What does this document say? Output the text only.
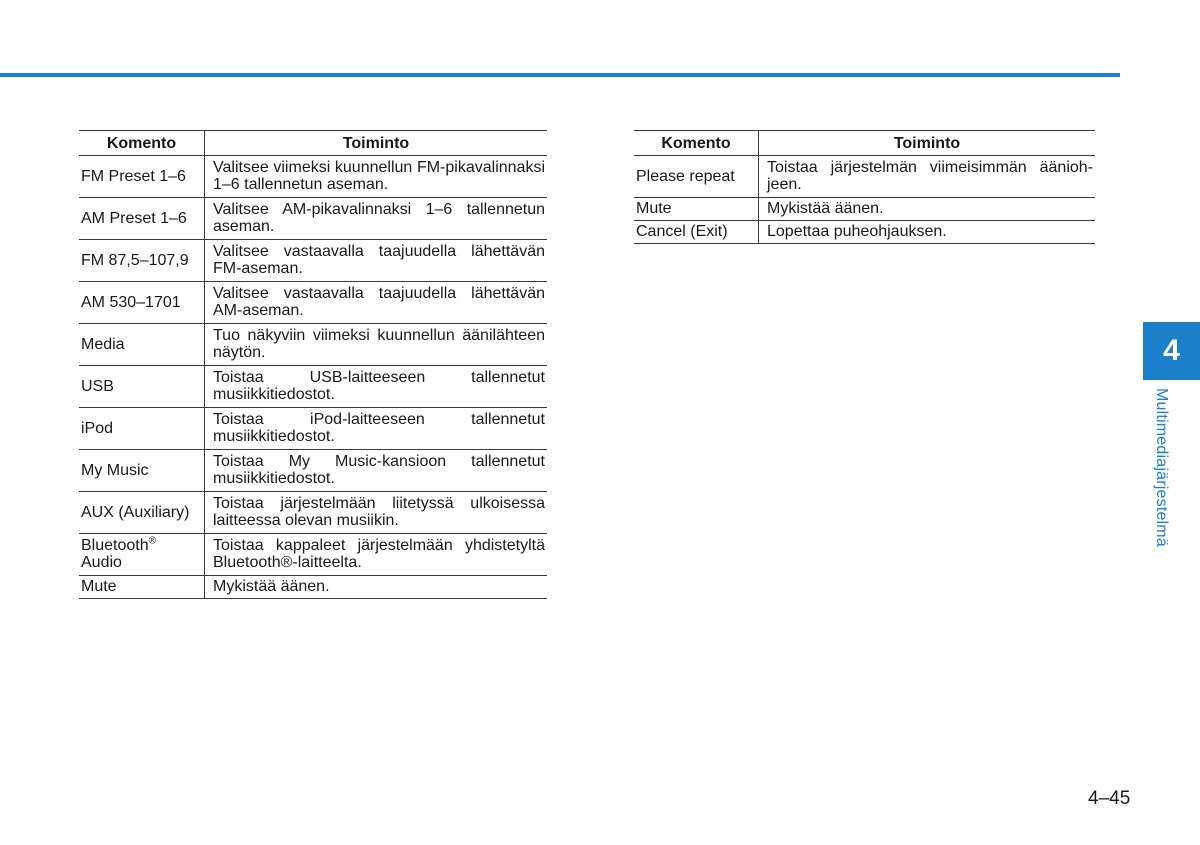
Komento	Toiminto
FM Preset 1–6	Valitsee viimeksi kuunnellun FM-pikavalinnaksi 1–6 tallennetun aseman.
AM Preset 1–6	Valitsee AM-pikavalinnaksi 1–6 tallennetun aseman.
FM 87,5–107,9	Valitsee vastaavalla taajuudella lähettävän FM-aseman.
AM 530–1701	Valitsee vastaavalla taajuudella lähettävän AM-aseman.
Media	Tuo näkyviin viimeksi kuunnellun äänilähteen näytön.
USB	Toistaa USB-laitteeseen tallennetut musiikkitiedostot.
iPod	Toistaa iPod-laitteeseen tallennetut musiikkitiedostot.
My Music	Toistaa My Music-kansioon tallennetut musiikkitiedostot.
AUX (Auxiliary)	Toistaa järjestelmään liitetyssä ulkoisessa laitteessa olevan musiikin.
Bluetooth®
Audio	Toistaa kappaleet järjestelmään yhdistetyltä Bluetooth®-laitteelta.
Mute	Mykistää äänen.
Komento	Toiminto
Please repeat	Toistaa järjestelmän viimeisimmän ääniohjeen.
Mute	Mykistää äänen.
Cancel (Exit)	Lopettaa puheohjauksen.
4
Multimediajärjestelmä
4–45
